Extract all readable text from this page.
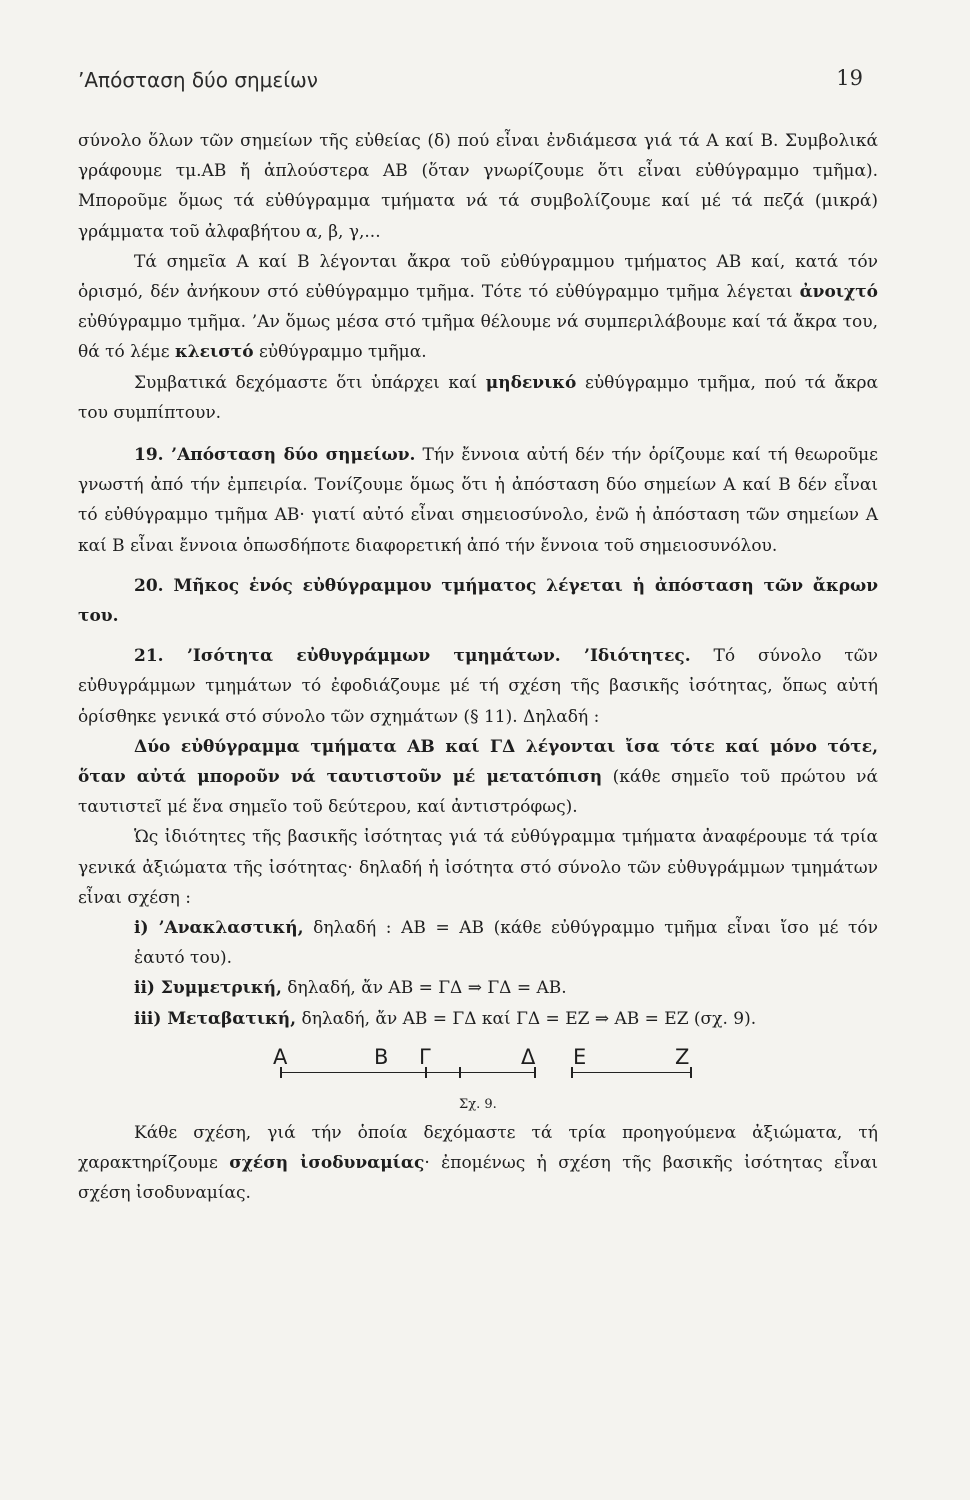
’Απόσταση δύο σημείων	19

σύνολο ὅλων τῶν σημείων τῆς εὐθείας (δ) πού εἶναι ἐνδιάμεσα γιά τά Α καί Β. Συμβολικά γράφουμε τμ.ΑΒ ἤ ἁπλούστερα ΑΒ (ὅταν γνωρίζουμε ὅτι εἶναι εὐθύγραμμο τμῆμα). Μποροῦμε ὅμως τά εὐθύγραμμα τμήματα νά τά συμβολίζουμε καί μέ τά πεζά (μικρά) γράμματα τοῦ ἀλφαβήτου α, β, γ,...

Τά σημεῖα Α καί Β λέγονται ἄκρα τοῦ εὐθύγραμμου τμήματος ΑΒ καί, κατά τόν ὁρισμό, δέν ἀνήκουν στό εὐθύγραμμο τμῆμα. Τότε τό εὐθύγραμμο τμῆμα λέγεται ἀνοιχτό εὐθύγραμμο τμῆμα. ’Αν ὅμως μέσα στό τμῆμα θέλουμε νά συμπεριλάβουμε καί τά ἄκρα του, θά τό λέμε κλειστό εὐθύγραμμο τμῆμα.

Συμβατικά δεχόμαστε ὅτι ὑπάρχει καί μηδενικό εὐθύγραμμο τμῆμα, πού τά ἄκρα του συμπίπτουν.

19. ’Απόσταση δύο σημείων. Τήν ἔννοια αὐτή δέν τήν ὁρίζουμε καί τή θεωροῦμε γνωστή ἀπό τήν ἐμπειρία. Τονίζουμε ὅμως ὅτι ἡ ἀπόσταση δύο σημείων Α καί Β δέν εἶναι τό εὐθύγραμμο τμῆμα ΑΒ· γιατί αὐτό εἶναι σημειοσύνολο, ἐνῶ ἡ ἀπόσταση τῶν σημείων Α καί Β εἶναι ἔννοια ὁπωσδήποτε διαφορετική ἀπό τήν ἔννοια τοῦ σημειοσυνόλου.

20. Μῆκος ἑνός εὐθύγραμμου τμήματος λέγεται ἡ ἀπόσταση τῶν ἄκρων του.

21. ’Ισότητα εὐθυγράμμων τμημάτων. ’Ιδιότητες. Τό σύνολο τῶν εὐθυγράμμων τμημάτων τό ἐφοδιάζουμε μέ τή σχέση τῆς βασικῆς ἰσότητας, ὅπως αὐτή ὁρίσθηκε γενικά στό σύνολο τῶν σχημάτων (§ 11). Δηλαδή :

Δύο εὐθύγραμμα τμήματα ΑΒ καί ΓΔ λέγονται ἴσα τότε καί μόνο τότε, ὅταν αὐτά μποροῦν νά ταυτιστοῦν μέ μετατόπιση (κάθε σημεῖο τοῦ πρώτου νά ταυτιστεῖ μέ ἕνα σημεῖο τοῦ δεύτερου, καί ἀντιστρόφως).

Ὡς ἰδιότητες τῆς βασικῆς ἰσότητας γιά τά εὐθύγραμμα τμήματα ἀναφέρουμε τά τρία γενικά ἀξιώματα τῆς ἰσότητας· δηλαδή ἡ ἰσότητα στό σύνολο τῶν εὐθυγράμμων τμημάτων εἶναι σχέση :

i) ’Ανακλαστική, δηλαδή : ΑΒ = ΑΒ (κάθε εὐθύγραμμο τμῆμα εἶναι ἴσο μέ τόν ἑαυτό του).

ii) Συμμετρική, δηλαδή, ἄν ΑΒ = ΓΔ ⇒ ΓΔ = ΑΒ.

iii) Μεταβατική, δηλαδή, ἄν ΑΒ = ΓΔ καί ΓΔ = ΕΖ ⇒ ΑΒ = ΕΖ (σχ. 9).

A	B Γ	Δ E	Z
Σχ. 9.

Κάθε σχέση, γιά τήν ὁποία δεχόμαστε τά τρία προηγούμενα ἀξιώματα, τή χαρακτηρίζουμε σχέση ἰσοδυναμίας· ἐπομένως ἡ σχέση τῆς βασικῆς ἰσότητας εἶναι σχέση ἰσοδυναμίας.
